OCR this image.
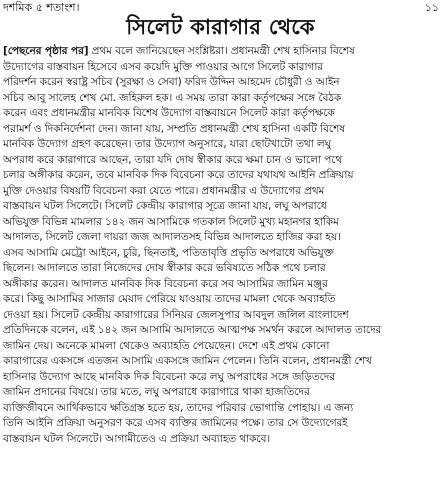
দশমিক ৫ শতাংশ।	১১
সিলেট কারাগার থেকে
[পেছনের পৃষ্ঠার পর] প্রথম বলে জানিয়েছেন সংশ্লিষ্টরা। প্রধানমন্ত্রী শেখ হাসিনার বিশেষ
উদ্যোগের বাস্তবায়ন হিসেবে এসব কয়েদি মুক্তি পাওয়ার আগে সিলেট কারাগার
পরিদর্শন করেন স্বরাষ্ট্র সচিব (সুরক্ষা ও সেবা) ফরিদ উদ্দিন আহমেদ চৌধুরী ও আইন
সচিব আবু সালেহ শেখ মো. জহিরুল হক। এ সময় তারা কারা কর্তৃপক্ষের সঙ্গে বৈঠক
করেন এবং প্রধানমন্ত্রীর মানবিক বিশেষ উদ্যোগ বাস্তবায়নে সিলেট কারা কর্তৃপক্ষকে
পরামর্শ ও দিকনির্দেশনা দেন। জানা যায়, সম্প্রতি প্রধানমন্ত্রী শেখ হাসিনা একটি বিশেষ
মানবিক উদ্যোগ গ্রহণ করেছেন। তার উদ্যোগ অনুসারে, যারা ছোটখাটো তথা লঘু
অপরাধ করে কারাগারে আছেন, তারা যদি দোষ স্বীকার করে ক্ষমা চান ও ভালো পথে
চলার অঙ্গীকার করেন, তবে মানবিক দিক বিবেচনা করে তাদের যথাযথ আইনি প্রক্রিয়ায়
মুক্তি দেওয়ার বিষয়টি বিবেচনা করা যেতে পারে। প্রধানমন্ত্রীর এ উদ্যোগের প্রথম
বাস্তবায়ন ঘটল সিলেটে। সিলেট কেন্দ্রীয় কারাগার সূত্রে জানা যায়, লঘু অপরাধে
অভিযুক্ত বিভিন্ন মামলার ১৪২ জন আসামিকে গতকাল সিলেট মুখ্য মহানগর হাকিম
আদালত, সিলেট জেলা দায়রা জজ আদালতসহ বিভিন্ন আদালতে হাজির করা হয়।
এসব আসামি মেট্রো আইনে, চুরি, ছিনতাই, পতিতাবৃত্তি প্রভৃতি অপরাধে অভিযুক্ত
ছিলেন। আদালতে তারা নিজেদের দোষ স্বীকার করে ভবিষ্যতে সঠিক পথে চলার
অঙ্গীকার করেন। আদালত মানবিক দিক বিবেচনা করে সব আসামির জামিন মঞ্জুর
করে। কিছু আসামির সাজার মেয়াদ পেরিয়ে যাওয়ায় তাদের মামলা থেকে অব্যাহতি
দেওয়া হয়। সিলেট কেন্দ্রীয় কারাগারের সিনিয়র জেলসুপার আবদুল জলিল বাংলাদেশ
প্রতিদিনকে বলেন, এই ১৪২ জন আসামি আদালতে আত্মপক্ষ সমর্থন করলে আদালত তাদের
জামিন দেয়। অনেকে মামলা থেকেও অব্যাহতি পেয়েছেন। দেশে এই প্রথম কোনো
কারাগারের একসঙ্গে এতজন আসামি একসঙ্গে জামিন পেলেন। তিনি বলেন, প্রধানমন্ত্রী শেখ
হাসিনার উদ্যোগ আছে মানবিক দিক বিবেচনা করে লঘু অপরাধের সঙ্গে জড়িতদের
জামিন প্রদানের বিষয়ে। তার মতে, লঘু অপরাধে কারাগারে থাকা হাজতিদের
ব্যক্তিজীবনে আর্থিকভাবে ক্ষতিগ্রস্ত হতে হয়, তাদের পরিবার ভোগান্তি পোহায়। এ জন্য
তিনি আইনি প্রক্রিয়া অনুসরণ করে এসব ব্যক্তির জামিনের পক্ষে। তার সে উদ্যোগেরই
বাস্তবায়ন ঘটল সিলেটে। আগামীতেও এ প্রক্রিয়া অব্যাহত থাকবে।
